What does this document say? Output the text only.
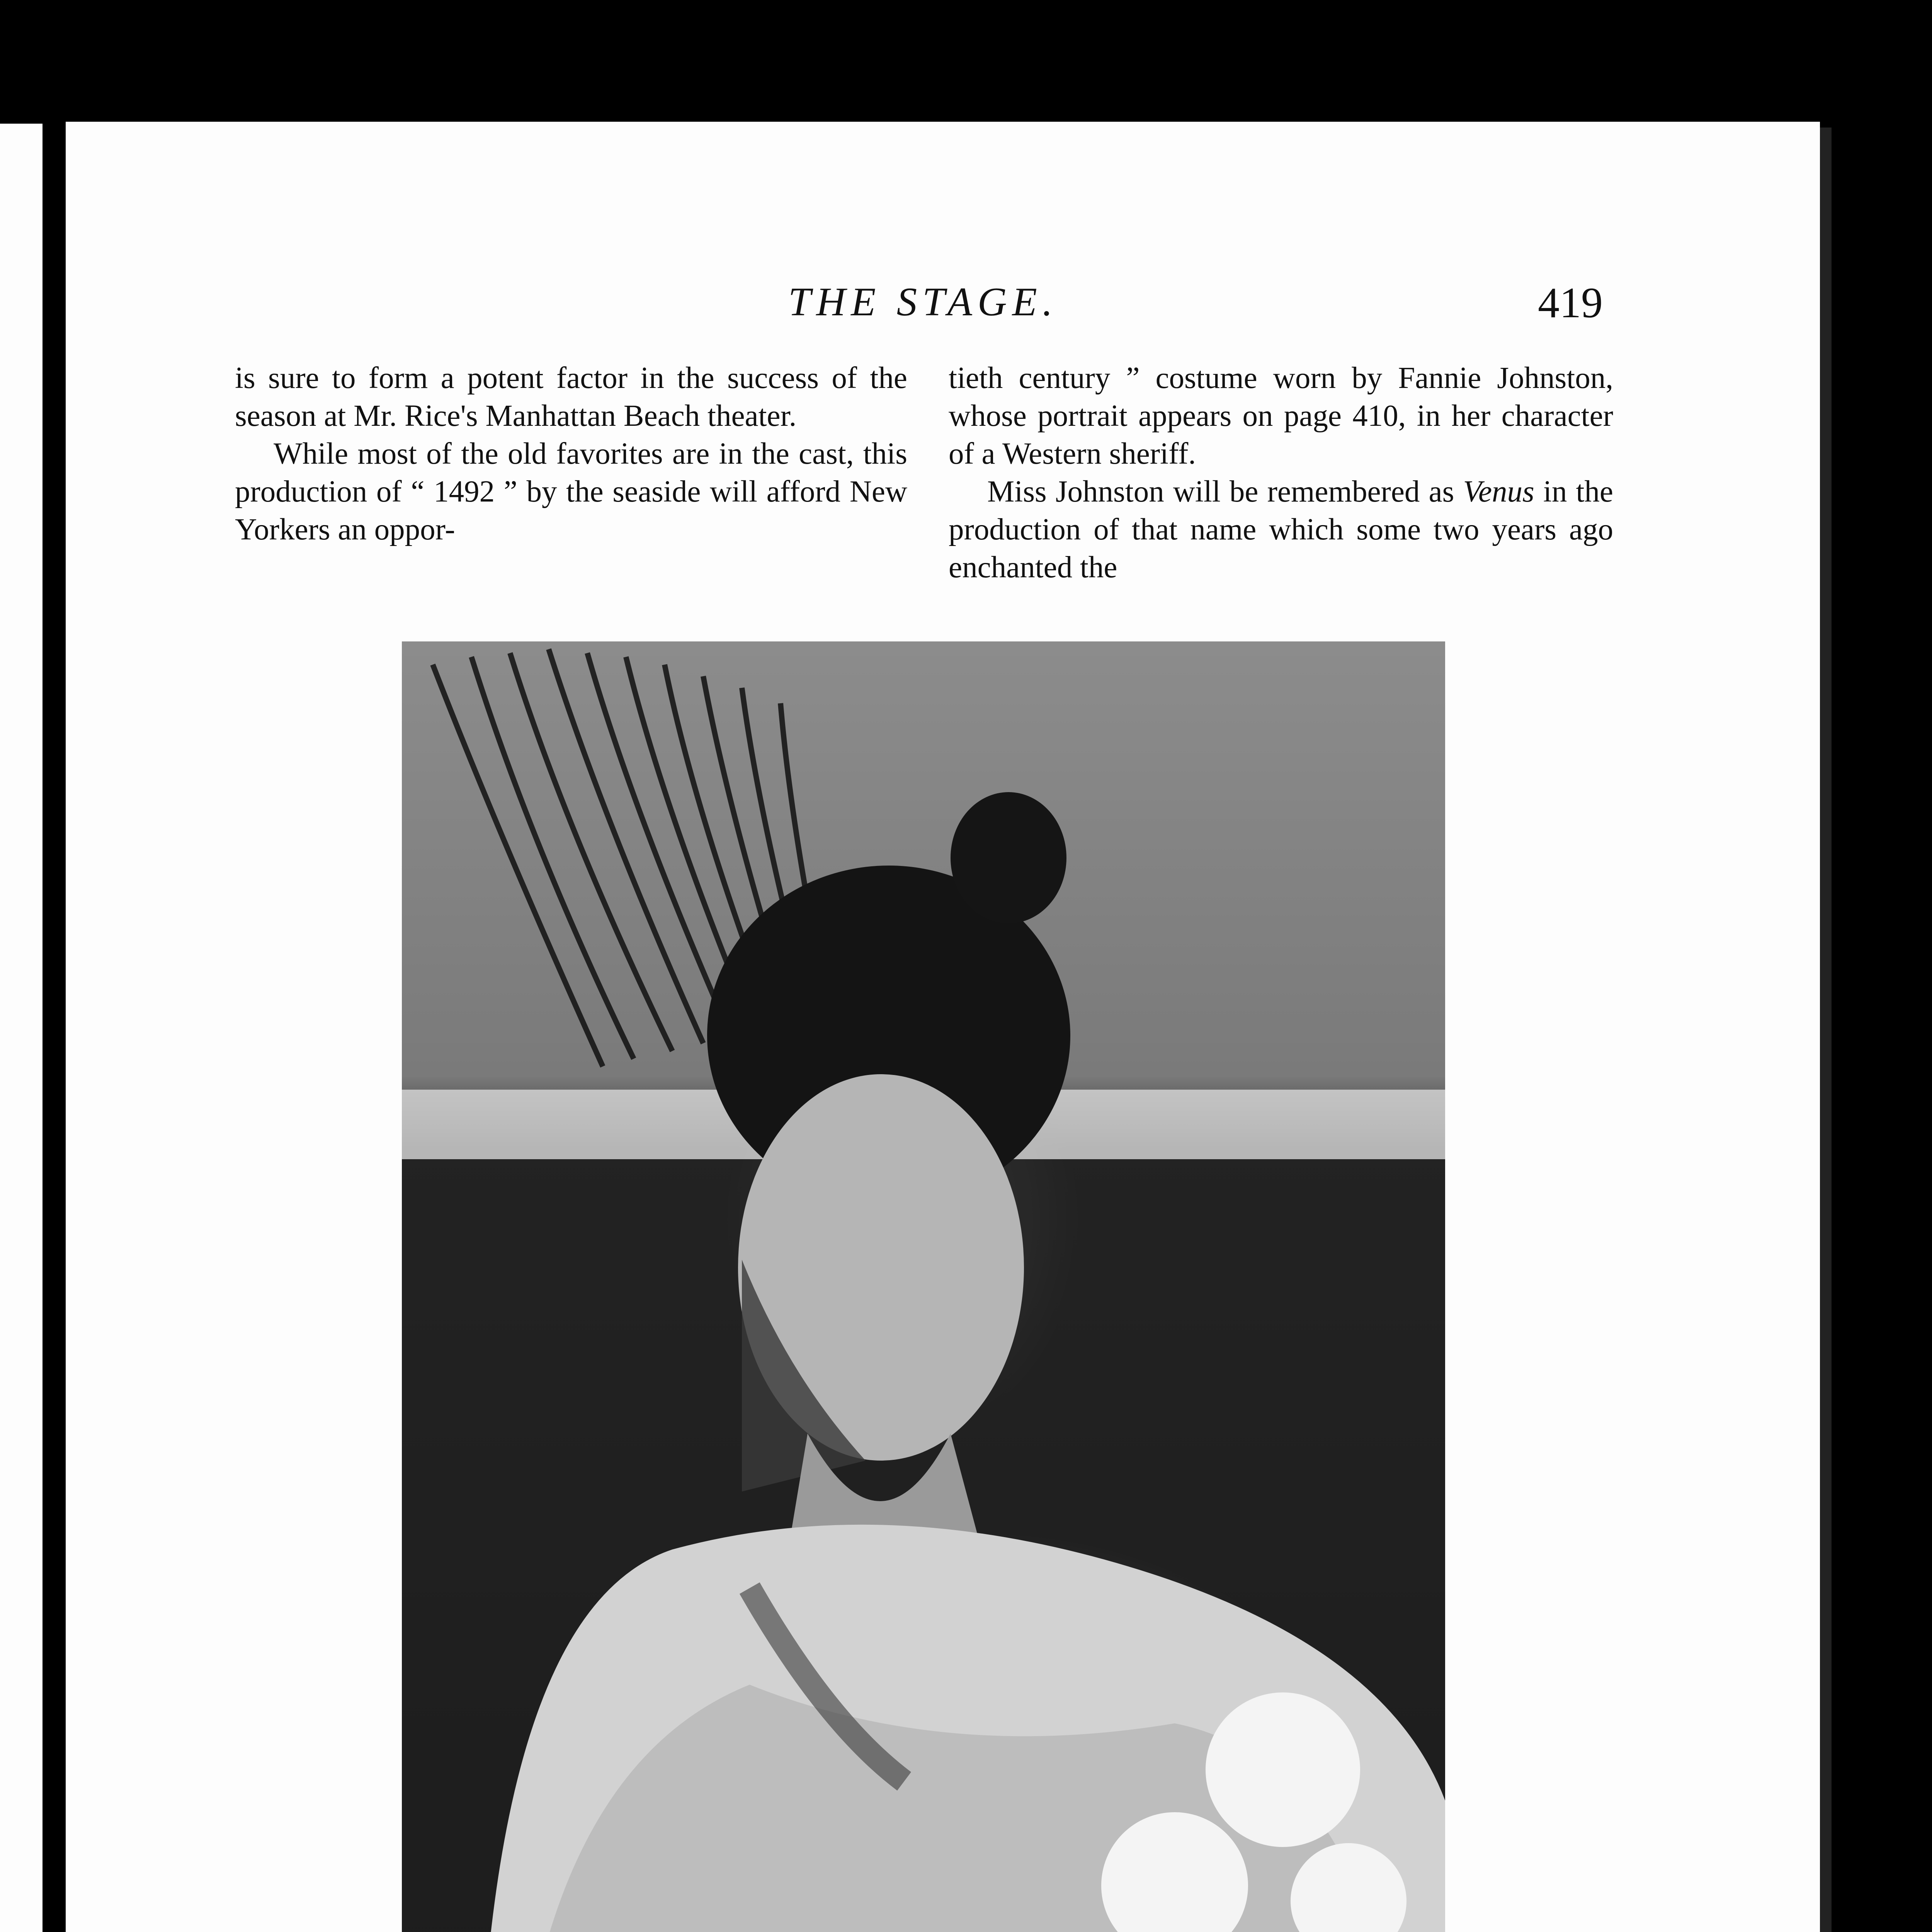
THE STAGE.	419

is sure to form a potent factor in the success of the season at Mr. Rice's Manhattan Beach theater.

While most of the old favorites are in the cast, this production of “ 1492 ” by the seaside will afford New Yorkers an oppor-

tieth century ” costume worn by Fannie Johnston, whose portrait appears on page 410, in her character of a Western sheriff.

Miss Johnston will be remembered as Venus in the production of that name which some two years ago enchanted the
